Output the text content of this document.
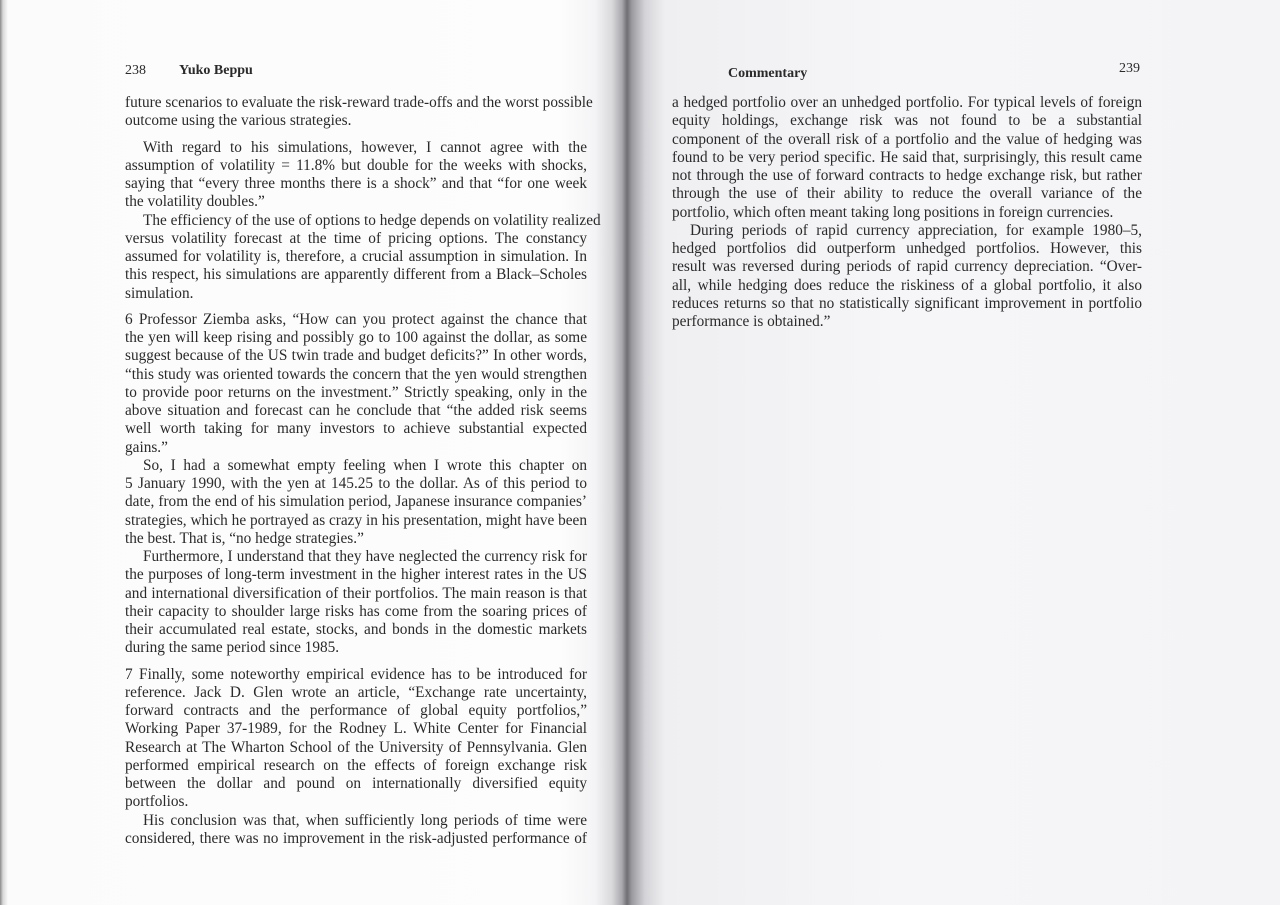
238 Yuko Beppu
future scenarios to evaluate the risk-reward trade-offs and the worst possible
outcome using the various strategies.
With regard to his simulations, however, I cannot agree with the
assumption of volatility = 11.8% but double for the weeks with shocks,
saying that “every three months there is a shock” and that “for one week
the volatility doubles.”
The efficiency of the use of options to hedge depends on volatility realized
versus volatility forecast at the time of pricing options. The constancy
assumed for volatility is, therefore, a crucial assumption in simulation. In
this respect, his simulations are apparently different from a Black–Scholes
simulation.
6 Professor Ziemba asks, “How can you protect against the chance that
the yen will keep rising and possibly go to 100 against the dollar, as some
suggest because of the US twin trade and budget deficits?” In other words,
“this study was oriented towards the concern that the yen would strengthen
to provide poor returns on the investment.” Strictly speaking, only in the
above situation and forecast can he conclude that “the added risk seems
well worth taking for many investors to achieve substantial expected
gains.”
So, I had a somewhat empty feeling when I wrote this chapter on
5 January 1990, with the yen at 145.25 to the dollar. As of this period to
date, from the end of his simulation period, Japanese insurance companies’
strategies, which he portrayed as crazy in his presentation, might have been
the best. That is, “no hedge strategies.”
Furthermore, I understand that they have neglected the currency risk for
the purposes of long-term investment in the higher interest rates in the US
and international diversification of their portfolios. The main reason is that
their capacity to shoulder large risks has come from the soaring prices of
their accumulated real estate, stocks, and bonds in the domestic markets
during the same period since 1985.
7 Finally, some noteworthy empirical evidence has to be introduced for
reference. Jack D. Glen wrote an article, “Exchange rate uncertainty,
forward contracts and the performance of global equity portfolios,”
Working Paper 37-1989, for the Rodney L. White Center for Financial
Research at The Wharton School of the University of Pennsylvania. Glen
performed empirical research on the effects of foreign exchange risk
between the dollar and pound on internationally diversified equity
portfolios.
His conclusion was that, when sufficiently long periods of time were
considered, there was no improvement in the risk-adjusted performance of
Commentary	239
a hedged portfolio over an unhedged portfolio. For typical levels of foreign
equity holdings, exchange risk was not found to be a substantial
component of the overall risk of a portfolio and the value of hedging was
found to be very period specific. He said that, surprisingly, this result came
not through the use of forward contracts to hedge exchange risk, but rather
through the use of their ability to reduce the overall variance of the
portfolio, which often meant taking long positions in foreign currencies.
During periods of rapid currency appreciation, for example 1980–5,
hedged portfolios did outperform unhedged portfolios. However, this
result was reversed during periods of rapid currency depreciation. “Over-
all, while hedging does reduce the riskiness of a global portfolio, it also
reduces returns so that no statistically significant improvement in portfolio
performance is obtained.”
